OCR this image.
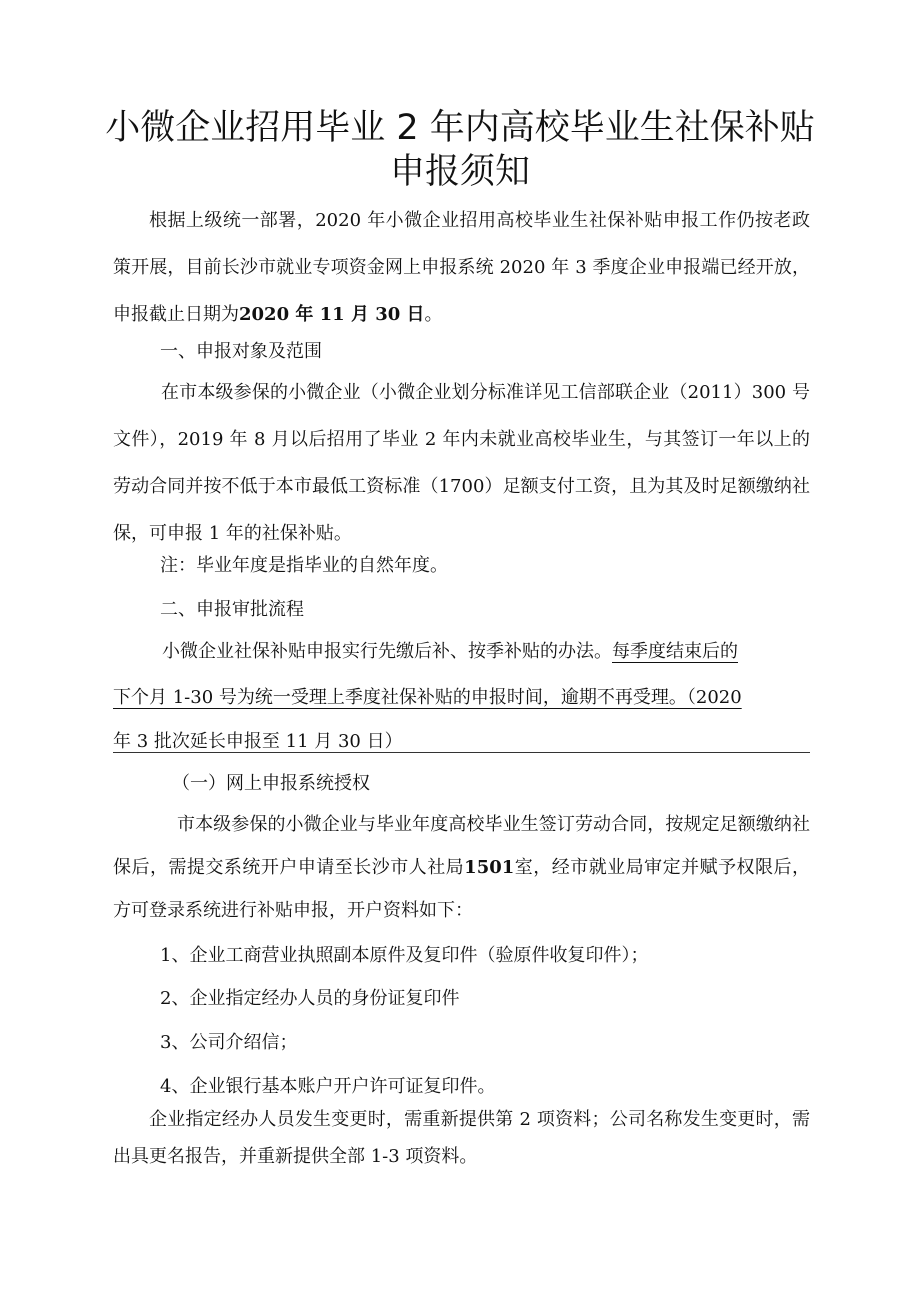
小微企业招用毕业 2 年内高校毕业生社保补贴
申报须知

根据上级统一部署，2020 年小微企业招用高校毕业生社保补贴申报工作仍按老政策开展，目前长沙市就业专项资金网上申报系统 2020 年 3 季度企业申报端已经开放，申报截止日期为2020 年 11 月 30 日。

一、申报对象及范围

在市本级参保的小微企业（小微企业划分标准详见工信部联企业（2011）300 号文件），2019 年 8 月以后招用了毕业 2 年内未就业高校毕业生，与其签订一年以上的劳动合同并按不低于本市最低工资标准（1700）足额支付工资，且为其及时足额缴纳社保，可申报 1 年的社保补贴。

注：毕业年度是指毕业的自然年度。
二、申报审批流程
小微企业社保补贴申报实行先缴后补、按季补贴的办法。每季度结束后的
下个月 1-30 号为统一受理上季度社保补贴的申报时间，逾期不再受理。（2020
年 3 批次延长申报至 11 月 30 日）
（一）网上申报系统授权

市本级参保的小微企业与毕业年度高校毕业生签订劳动合同，按规定足额缴纳社保后，需提交系统开户申请至长沙市人社局1501室，经市就业局审定并赋予权限后，方可登录系统进行补贴申报，开户资料如下：

1、企业工商营业执照副本原件及复印件（验原件收复印件）；
2、企业指定经办人员的身份证复印件
3、公司介绍信；
4、企业银行基本账户开户许可证复印件。

企业指定经办人员发生变更时，需重新提供第 2 项资料；公司名称发生变更时，需出具更名报告，并重新提供全部 1-3 项资料。
